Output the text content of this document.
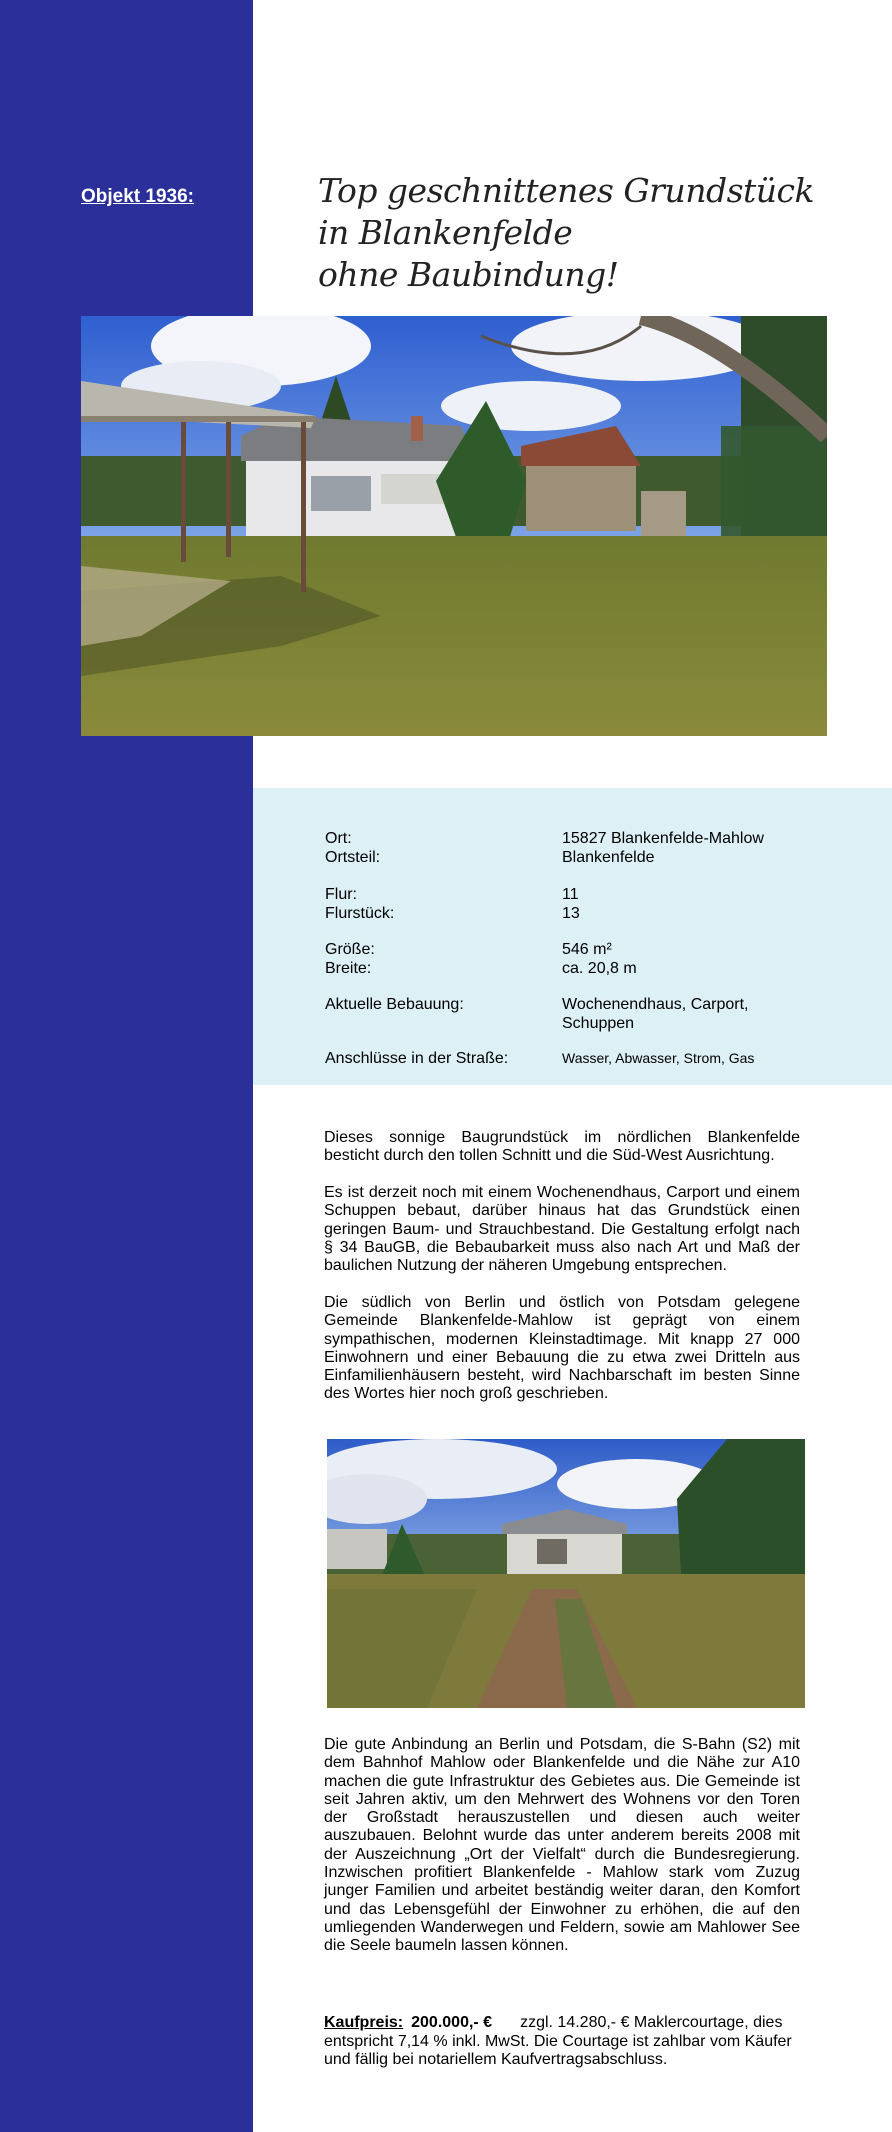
Objekt 1936:	Top geschnittenes Grundstück in Blankenfelde
ohne Baubindung!
Ort:	15827 Blankenfelde-Mahlow
Ortsteil:	Blankenfelde
Flur:	11
Flurstück:	13
Größe:	546 m²
Breite:	ca. 20,8 m
Aktuelle Bebauung:	Wochenendhaus, Carport,
Schuppen
Anschlüsse in der Straße:	Wasser, Abwasser, Strom, Gas
Dieses sonnige Baugrundstück im nördlichen Blankenfelde besticht durch den tollen Schnitt und die Süd-West Ausrichtung.
Es ist derzeit noch mit einem Wochenendhaus, Carport und einem Schuppen bebaut, darüber hinaus hat das Grundstück einen geringen Baum- und Strauchbestand. Die Gestaltung erfolgt nach § 34 BauGB, die Bebaubarkeit muss also nach Art und Maß der baulichen Nutzung der näheren Umgebung entsprechen.
Die südlich von Berlin und östlich von Potsdam gelegene Gemeinde Blankenfelde-Mahlow ist geprägt von einem sympathischen, modernen Kleinstadtimage. Mit knapp 27 000 Einwohnern und einer Bebauung die zu etwa zwei Dritteln aus Einfamilienhäusern besteht, wird Nachbarschaft im besten Sinne des Wortes hier noch groß geschrieben.
Die gute Anbindung an Berlin und Potsdam, die S-Bahn (S2) mit dem Bahnhof Mahlow oder Blankenfelde und die Nähe zur A10 machen die gute Infrastruktur des Gebietes aus. Die Gemeinde ist seit Jahren aktiv, um den Mehrwert des Wohnens vor den Toren der Großstadt herauszustellen und diesen auch weiter auszubauen. Belohnt wurde das unter anderem bereits 2008 mit der Auszeichnung „Ort der Vielfalt“ durch die Bundesregierung. Inzwischen profitiert Blankenfelde - Mahlow stark vom Zuzug junger Familien und arbeitet beständig weiter daran, den Komfort und das Lebensgefühl der Einwohner zu erhöhen, die auf den umliegenden Wanderwegen und Feldern, sowie am Mahlower See die Seele baumeln lassen können.
Kaufpreis: 200.000,- € zzgl. 14.280,- € Maklercourtage, dies entspricht 7,14 % inkl. MwSt. Die Courtage ist zahlbar vom Käufer und fällig bei notariellem Kaufvertragsabschluss.
